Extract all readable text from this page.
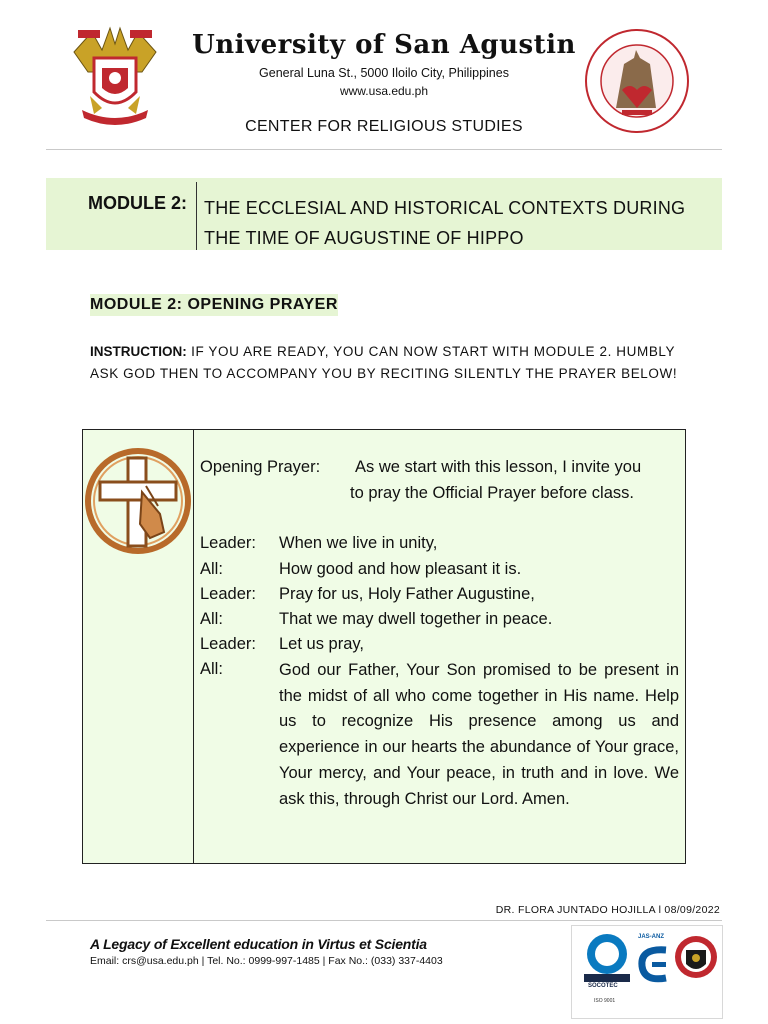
University of San Agustin
General Luna St., 5000 Iloilo City, Philippines
www.usa.edu.ph
CENTER FOR RELIGIOUS STUDIES
MODULE 2: THE ECCLESIAL AND HISTORICAL CONTEXTS DURING
THE TIME OF AUGUSTINE OF HIPPO
MODULE 2: OPENING PRAYER
INSTRUCTION: IF YOU ARE READY, YOU CAN NOW START WITH MODULE 2. HUMBLY
ASK GOD THEN TO ACCOMPANY YOU BY RECITING SILENTLY THE PRAYER BELOW!
Opening Prayer: As we start with this lesson, I invite you
to pray the Official Prayer before class.
Leader: When we live in unity,
All:	How good and how pleasant it is.
Leader: Pray for us, Holy Father Augustine,
All:	That we may dwell together in peace.
Leader: Let us pray,
All:	God our Father, Your Son promised to be present in the midst of all who come together in His name. Help us to recognize His presence among us and experience in our hearts the abundance of Your grace, Your mercy, and Your peace, in truth and in love. We ask this, through Christ our Lord. Amen.
DR. FLORA JUNTADO HOJILLA l 08/09/2022
A Legacy of Excellent education in Virtus et Scientia
Email: crs@usa.edu.ph | Tel. No.: 0999-997-1485 | Fax No.: (033) 337-4403
SOCOTEC
ISO 9001
JAS-ANZ
